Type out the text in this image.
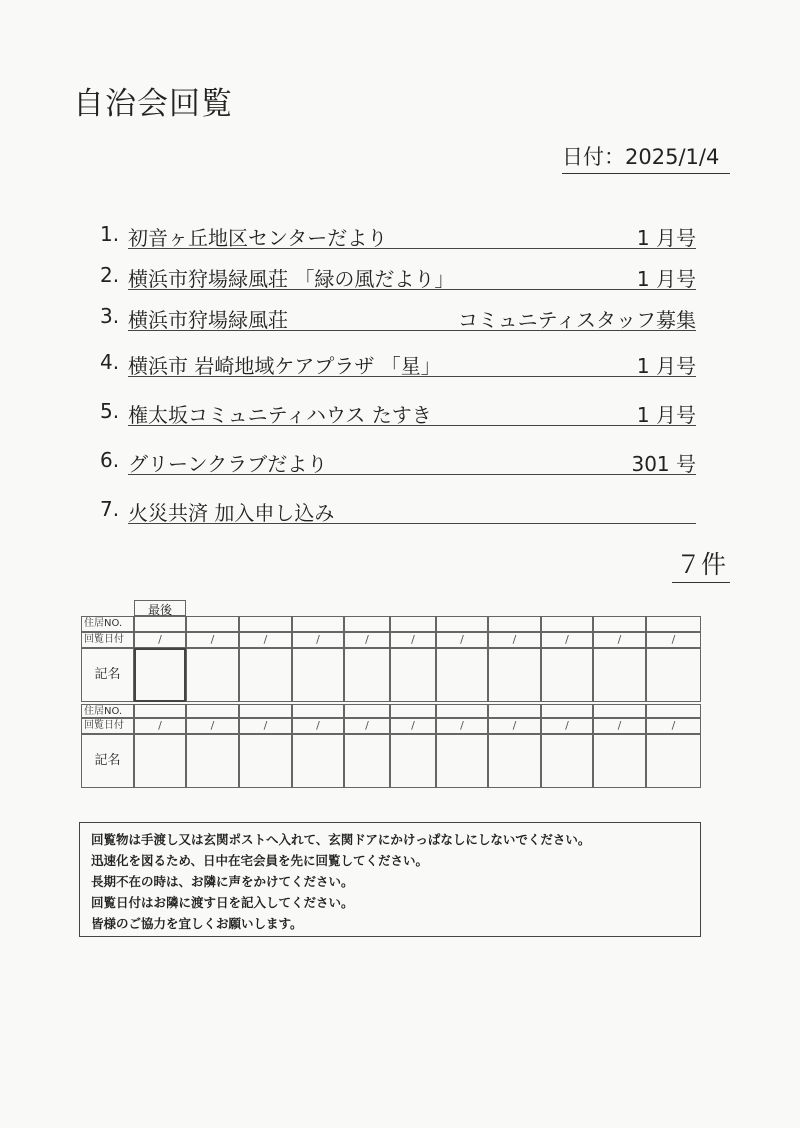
自治会回覧
日付：2025/1/4
1. 初音ヶ丘地区センターだより	1 月号
2. 横浜市狩場緑風荘 「緑の風だより」	1 月号
3. 横浜市狩場緑風荘	コミュニティスタッフ募集
4. 横浜市 岩崎地域ケアプラザ 「星」	1 月号
5. 権太坂コミュニティハウス たすき	1 月号
6. グリーンクラブだより	301 号
7. 火災共済 加入申し込み
７件
最後
住居NO.
回覧日付	/	/	/	/	/	/	/	/	/	/	/
記名
住居NO.
回覧日付	/	/	/	/	/	/	/	/	/	/	/
記名
回覧物は手渡し又は玄関ポストへ入れて、玄関ドアにかけっぱなしにしないでください。
迅速化を図るため、日中在宅会員を先に回覧してください。
長期不在の時は、お隣に声をかけてください。
回覧日付はお隣に渡す日を記入してください。
皆様のご協力を宜しくお願いします。
